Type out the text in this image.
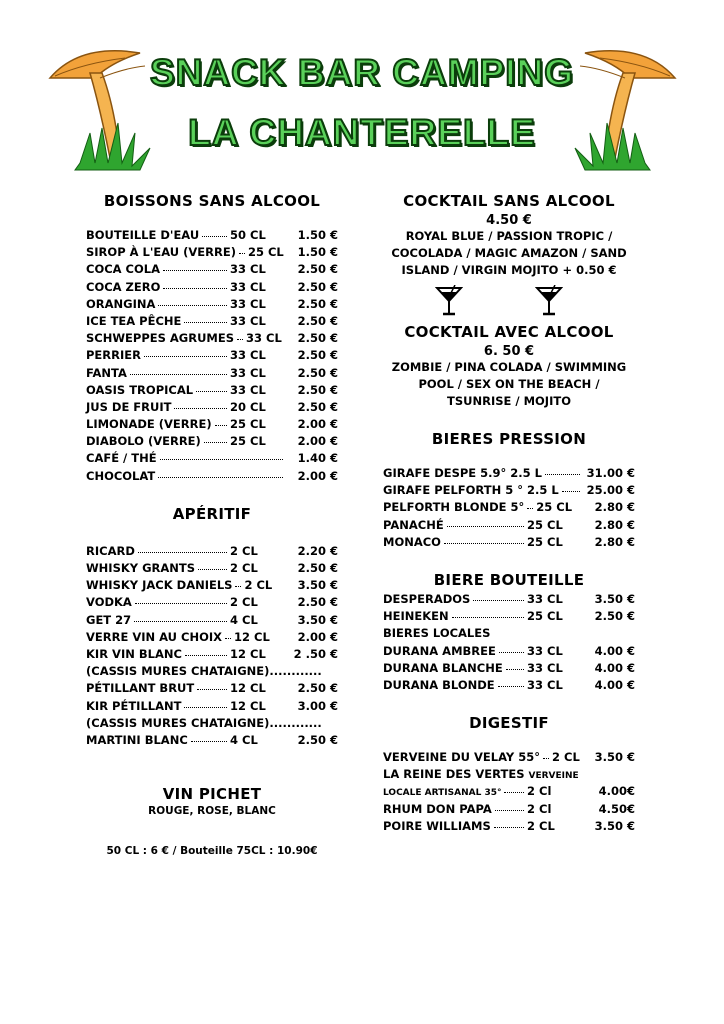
SNACK BAR CAMPING
LA CHANTERELLE
BOISSONS SANS ALCOOL
BOUTEILLE D'EAU	50 CL	1.50 €
SIROP À L'EAU (VERRE) 25 CL	1.50 €
COCA COLA	33 CL	2.50 €
COCA ZERO	33 CL	2.50 €
ORANGINA	33 CL	2.50 €
ICE TEA PÊCHE	33 CL	2.50 €
SCHWEPPES AGRUMES 33 CL	2.50 €
PERRIER	33 CL	2.50 €
FANTA	33 CL	2.50 €
OASIS TROPICAL	33 CL	2.50 €
JUS DE FRUIT	20 CL	2.50 €
LIMONADE (VERRE) 25 CL	2.00 €
DIABOLO (VERRE)	25 CL	2.00 €
CAFÉ / THÉ	1.40 €
CHOCOLAT	2.00 €
APÉRITIF
RICARD	2 CL	2.20 €
WHISKY GRANTS	2 CL	2.50 €
WHISKY JACK DANIELS 2 CL	3.50 €
VODKA	2 CL	2.50 €
GET 27	4 CL	3.50 €
VERRE VIN AU CHOIX 12 CL	2.00 €
KIR VIN BLANC	12 CL	2 .50 €
(CASSIS MURES CHATAIGNE)............
PÉTILLANT BRUT	12 CL	2.50 €
KIR PÉTILLANT	12 CL	3.00 €
(CASSIS MURES CHATAIGNE)............
MARTINI BLANC	4 CL	2.50 €
VIN PICHET
ROUGE, ROSE, BLANC
50 CL : 6 € / Bouteille 75CL : 10.90€
COCKTAIL SANS ALCOOL
4.50 €
ROYAL BLUE / PASSION TROPIC /
COCOLADA / MAGIC AMAZON / SAND
ISLAND / VIRGIN MOJITO + 0.50 €
COCKTAIL AVEC ALCOOL
6. 50 €
ZOMBIE / PINA COLADA / SWIMMING
POOL / SEX ON THE BEACH /
TSUNRISE / MOJITO
BIERES PRESSION
GIRAFE DESPE 5.9° 2.5 L	31.00 €
GIRAFE PELFORTH 5 ° 2.5 L	25.00 €
PELFORTH BLONDE 5° 25 CL	2.80 €
PANACHÉ	25 CL	2.80 €
MONACO	25 CL	2.80 €
BIERE BOUTEILLE
DESPERADOS	33 CL	3.50 €
HEINEKEN	25 CL	2.50 €
BIERES LOCALES
DURANA AMBREE	33 CL	4.00 €
DURANA BLANCHE 33 CL	4.00 €
DURANA BLONDE	33 CL	4.00 €
DIGESTIF
VERVEINE DU VELAY 55° 2 CL	3.50 €
LA REINE DES VERTES VERVEINE
LOCALE ARTISANAL 35° 2 Cl	4.00€
RHUM DON PAPA	2 Cl	4.50€
POIRE WILLIAMS	2 CL	3.50 €
